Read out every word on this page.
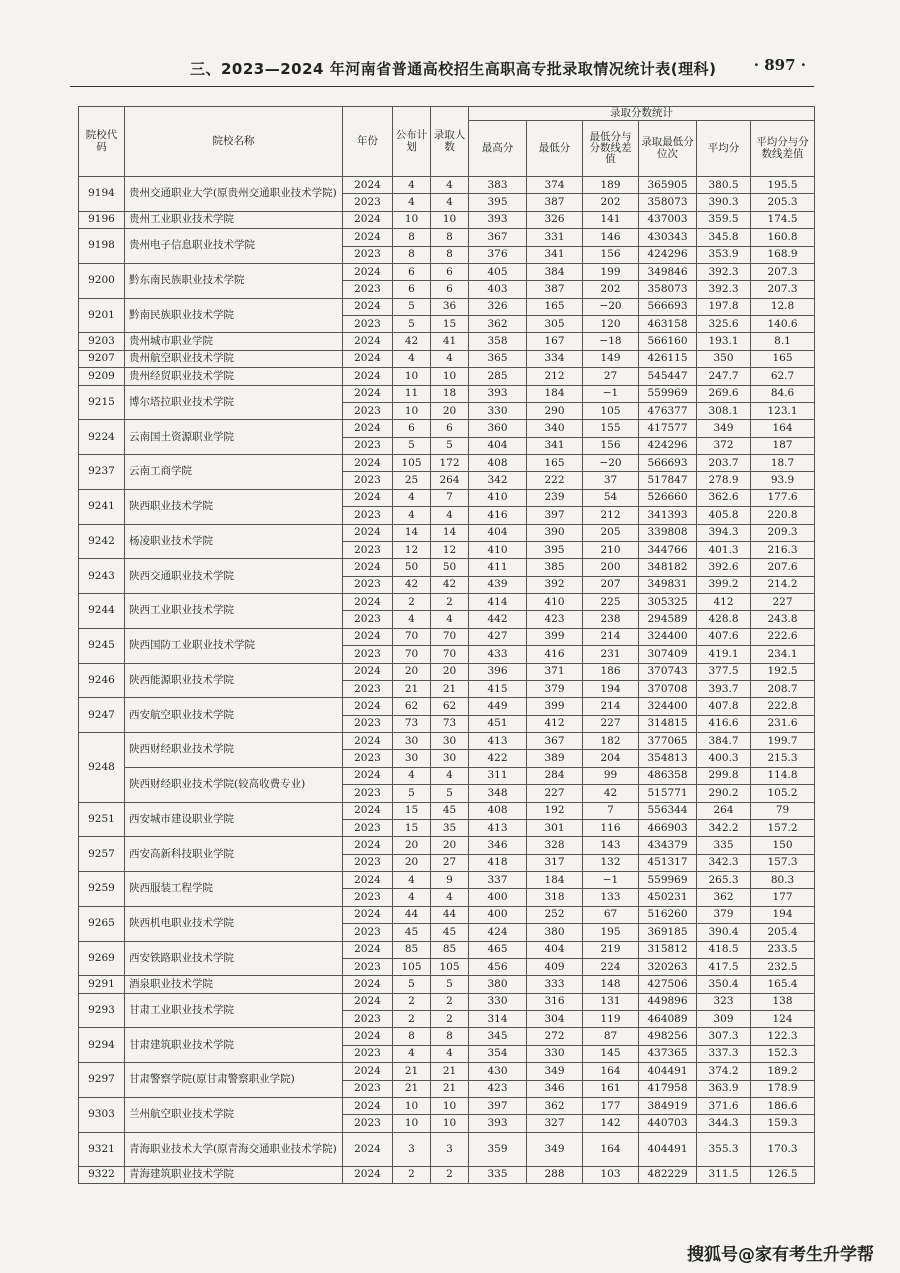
三、2023—2024 年河南省普通高校招生高职高专批录取情况统计表(理科) · 897 ·
院校代码	院校名称	年份	公布计划	录取人数	录取分数统计					
					最高分	最低分	最低分与分数线差值	录取最低分位次	平均分	平均分与分数线差值
9194	贵州交通职业大学(原贵州交通职业技术学院)	2024	4	4	383	374	189	365905	380.5	195.5
		2023	4	4	395	387	202	358073	390.3	205.3
9196	贵州工业职业技术学院	2024	10	10	393	326	141	437003	359.5	174.5
9198	贵州电子信息职业技术学院	2024	8	8	367	331	146	430343	345.8	160.8
		2023	8	8	376	341	156	424296	353.9	168.9
9200	黔东南民族职业技术学院	2024	6	6	405	384	199	349846	392.3	207.3
		2023	6	6	403	387	202	358073	392.3	207.3
9201	黔南民族职业技术学院	2024	5	36	326	165	−20	566693	197.8	12.8
		2023	5	15	362	305	120	463158	325.6	140.6
9203	贵州城市职业学院	2024	42	41	358	167	−18	566160	193.1	8.1
9207	贵州航空职业技术学院	2024	4	4	365	334	149	426115	350	165
9209	贵州经贸职业技术学院	2024	10	10	285	212	27	545447	247.7	62.7
9215	博尔塔拉职业技术学院	2024	11	18	393	184	−1	559969	269.6	84.6
		2023	10	20	330	290	105	476377	308.1	123.1
9224	云南国土资源职业学院	2024	6	6	360	340	155	417577	349	164
		2023	5	5	404	341	156	424296	372	187
9237	云南工商学院	2024	105	172	408	165	−20	566693	203.7	18.7
		2023	25	264	342	222	37	517847	278.9	93.9
9241	陕西职业技术学院	2024	4	7	410	239	54	526660	362.6	177.6
		2023	4	4	416	397	212	341393	405.8	220.8
9242	杨凌职业技术学院	2024	14	14	404	390	205	339808	394.3	209.3
		2023	12	12	410	395	210	344766	401.3	216.3
9243	陕西交通职业技术学院	2024	50	50	411	385	200	348182	392.6	207.6
		2023	42	42	439	392	207	349831	399.2	214.2
9244	陕西工业职业技术学院	2024	2	2	414	410	225	305325	412	227
		2023	4	4	442	423	238	294589	428.8	243.8
9245	陕西国防工业职业技术学院	2024	70	70	427	399	214	324400	407.6	222.6
		2023	70	70	433	416	231	307409	419.1	234.1
9246	陕西能源职业技术学院	2024	20	20	396	371	186	370743	377.5	192.5
		2023	21	21	415	379	194	370708	393.7	208.7
9247	西安航空职业技术学院	2024	62	62	449	399	214	324400	407.8	222.8
		2023	73	73	451	412	227	314815	416.6	231.6
9248	陕西财经职业技术学院	2024	30	30	413	367	182	377065	384.7	199.7
		2023	30	30	422	389	204	354813	400.3	215.3
	陕西财经职业技术学院(较高收费专业)	2024	4	4	311	284	99	486358	299.8	114.8
		2023	5	5	348	227	42	515771	290.2	105.2
9251	西安城市建设职业学院	2024	15	45	408	192	7	556344	264	79
		2023	15	35	413	301	116	466903	342.2	157.2
9257	西安高新科技职业学院	2024	20	20	346	328	143	434379	335	150
		2023	20	27	418	317	132	451317	342.3	157.3
9259	陕西服装工程学院	2024	4	9	337	184	−1	559969	265.3	80.3
		2023	4	4	400	318	133	450231	362	177
9265	陕西机电职业技术学院	2024	44	44	400	252	67	516260	379	194
		2023	45	45	424	380	195	369185	390.4	205.4
9269	西安铁路职业技术学院	2024	85	85	465	404	219	315812	418.5	233.5
		2023	105	105	456	409	224	320263	417.5	232.5
9291	酒泉职业技术学院	2024	5	5	380	333	148	427506	350.4	165.4
9293	甘肃工业职业技术学院	2024	2	2	330	316	131	449896	323	138
		2023	2	2	314	304	119	464089	309	124
9294	甘肃建筑职业技术学院	2024	8	8	345	272	87	498256	307.3	122.3
		2023	4	4	354	330	145	437365	337.3	152.3
9297	甘肃警察学院(原甘肃警察职业学院)	2024	21	21	430	349	164	404491	374.2	189.2
		2023	21	21	423	346	161	417958	363.9	178.9
9303	兰州航空职业技术学院	2024	10	10	397	362	177	384919	371.6	186.6
		2023	10	10	393	327	142	440703	344.3	159.3
9321	青海职业技术大学(原青海交通职业技术学院)	2024	3	3	359	349	164	404491	355.3	170.3
9322	青海建筑职业技术学院	2024	2	2	335	288	103	482229	311.5	126.5
搜狐号@家有考生升学帮
